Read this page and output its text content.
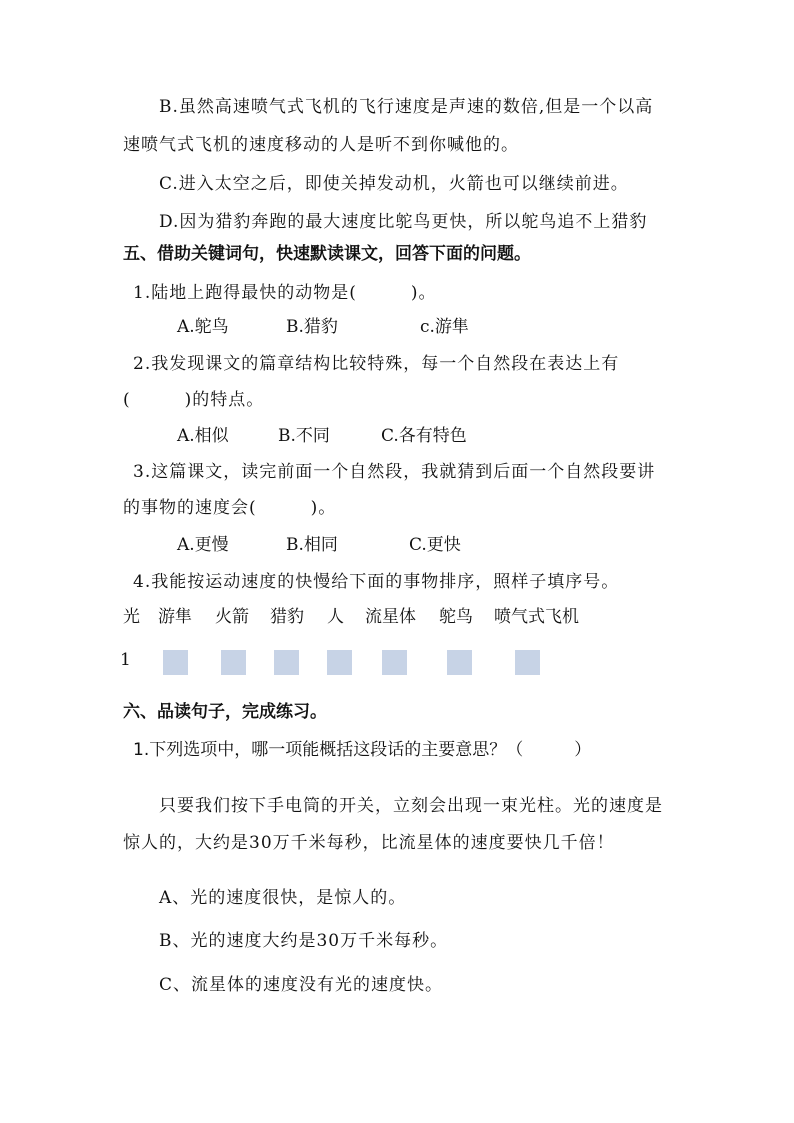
B.虽然高速喷气式飞机的飞行速度是声速的数倍,但是一个以高
速喷气式飞机的速度移动的人是听不到你喊他的。
C.进入太空之后，即使关掉发动机，火箭也可以继续前进。
D.因为猎豹奔跑的最大速度比鸵鸟更快，所以鸵鸟追不上猎豹
五、借助关键词句，快速默读课文，回答下面的问题。
1.陆地上跑得最快的动物是(　　　)。
A.鸵鸟	B.猎豹	c.游隼
2.我发现课文的篇章结构比较特殊，每一个自然段在表达上有
(　　　)的特点。
A.相似	B.不同	C.各有特色
3.这篇课文，读完前面一个自然段，我就猜到后面一个自然段要讲
的事物的速度会(　　　)。
A.更慢	B.相同	C.更快
4.我能按运动速度的快慢给下面的事物排序，照样子填序号。
光 游隼 火箭 猎豹 人 流星体 鸵鸟 喷气式飞机
1
六、品读句子，完成练习。
1.下列选项中，哪一项能概括这段话的主要意思？（　　　）
只要我们按下手电筒的开关，立刻会出现一束光柱。光的速度是
惊人的，大约是30万千米每秒，比流星体的速度要快几千倍！
A、光的速度很快，是惊人的。
B、光的速度大约是30万千米每秒。
C、流星体的速度没有光的速度快。
